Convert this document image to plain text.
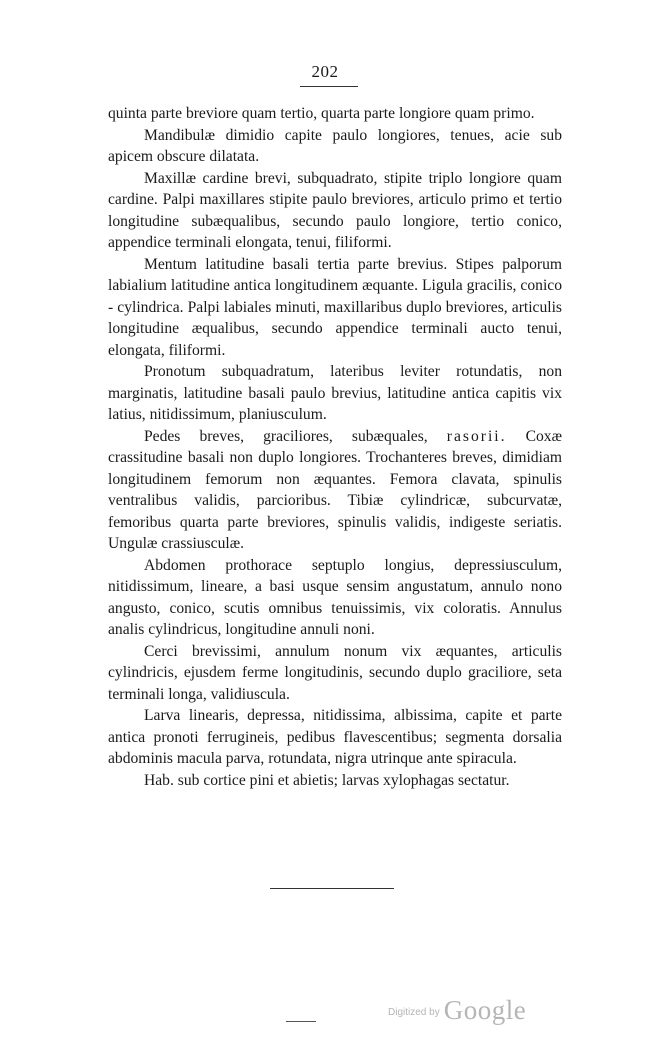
202

quinta parte breviore quam tertio, quarta parte longiore quam primo.

Mandibulæ dimidio capite paulo longiores, tenues, acie sub apicem obscure dilatata.

Maxillæ cardine brevi, subquadrato, stipite triplo longiore quam cardine. Palpi maxillares stipite paulo breviores, articulo primo et tertio longitudine subæqualibus, secundo paulo longiore, tertio conico, appendice terminali elongata, tenui, filiformi.

Mentum latitudine basali tertia parte brevius. Stipes palporum labialium latitudine antica longitudinem æquante. Ligula gracilis, conico - cylindrica. Palpi labiales minuti, maxillaribus duplo breviores, articulis longitudine æqualibus, secundo appendice terminali aucto tenui, elongata, filiformi.

Pronotum subquadratum, lateribus leviter rotundatis, non marginatis, latitudine basali paulo brevius, latitudine antica capitis vix latius, nitidissimum, planiusculum.

Pedes breves, graciliores, subæquales, rasorii. Coxæ crassitudine basali non duplo longiores. Trochanteres breves, dimidiam longitudinem femorum non æquantes. Femora clavata, spinulis ventralibus validis, parcioribus. Tibiæ cylindricæ, subcurvatæ, femoribus quarta parte breviores, spinulis validis, indigeste seriatis. Ungulæ crassiusculæ.

Abdomen prothorace septuplo longius, depressiusculum, nitidissimum, lineare, a basi usque sensim angustatum, annulo nono angusto, conico, scutis omnibus tenuissimis, vix coloratis. Annulus analis cylindricus, longitudine annuli noni.

Cerci brevissimi, annulum nonum vix æquantes, articulis cylindricis, ejusdem ferme longitudinis, secundo duplo graciliore, seta terminali longa, validiuscula.

Larva linearis, depressa, nitidissima, albissima, capite et parte antica pronoti ferrugineis, pedibus flavescentibus; segmenta dorsalia abdominis macula parva, rotundata, nigra utrinque ante spiracula.

Hab. sub cortice pini et abietis; larvas xylophagas sectatur.

$^{Digitized by}$ Google
